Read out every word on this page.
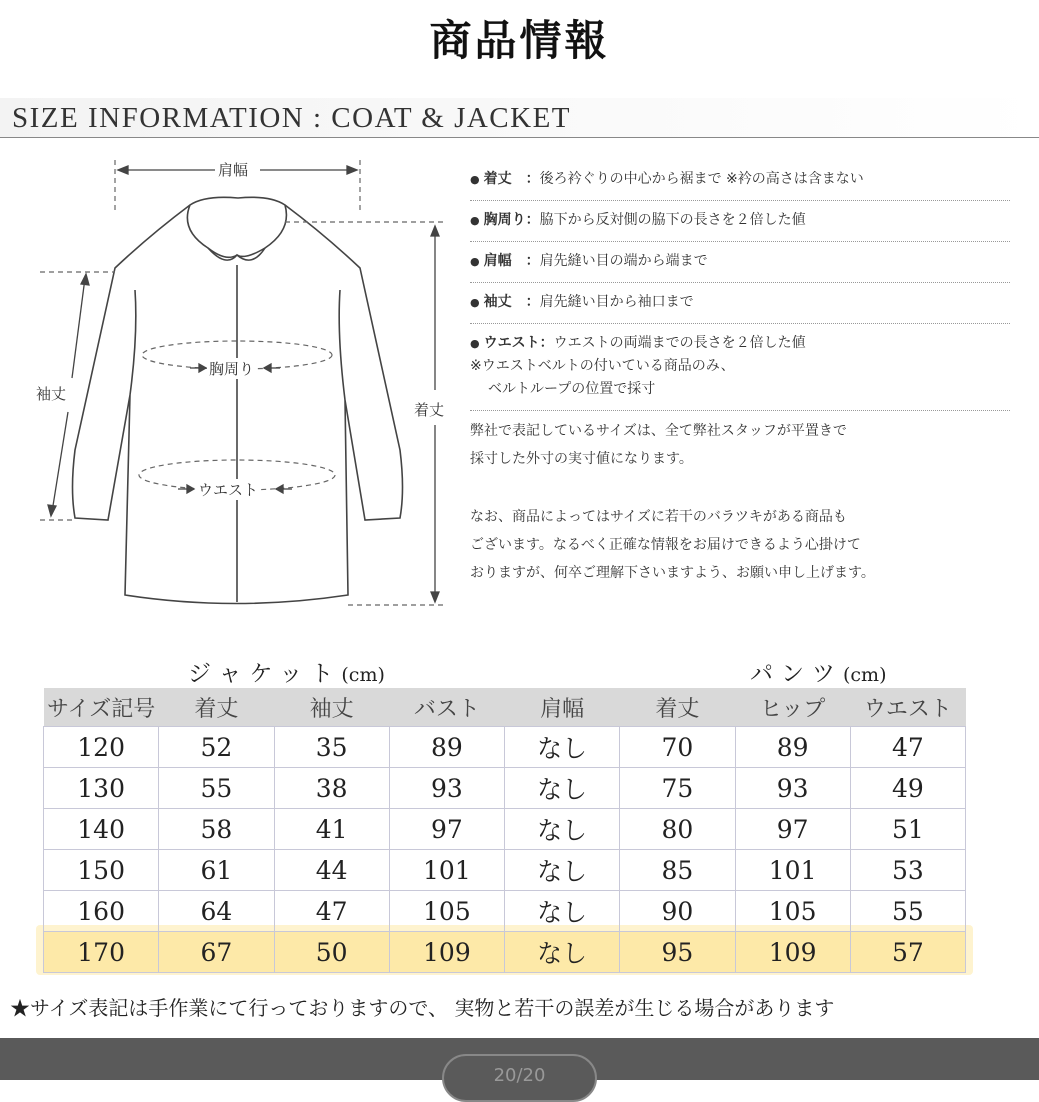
商品情報
SIZE INFORMATION : COAT & JACKET
肩幅
袖丈
胸周り
ウエスト
着丈
● 着丈　：後ろ衿ぐりの中心から裾まで ※衿の高さは含まない
● 胸周り：脇下から反対側の脇下の長さを２倍した値
● 肩幅　：肩先縫い目の端から端まで
● 袖丈　：肩先縫い目から袖口まで
● ウエスト：ウエストの両端までの長さを２倍した値
※ウエストベルトの付いている商品のみ、
ベルトループの位置で採寸
弊社で表記しているサイズは、全て弊社スタッフが平置きで
採寸した外寸の実寸値になります。
なお、商品によってはサイズに若干のバラツキがある商品も
ございます。なるべく正確な情報をお届けできるよう心掛けて
おりますが、何卒ご理解下さいますよう、お願い申し上げます。
ジャケット(cm)	パンツ(cm)
サイズ記号	着丈	袖丈	バスト	肩幅	着丈	ヒップ	ウエスト
120	52	35	89	なし	70	89	47
130	55	38	93	なし	75	93	49
140	58	41	97	なし	80	97	51
150	61	44	101	なし	85	101	53
160	64	47	105	なし	90	105	55
170	67	50	109	なし	95	109	57
★サイズ表記は手作業にて行っておりますので、 実物と若干の誤差が生じる場合があります
20/20
